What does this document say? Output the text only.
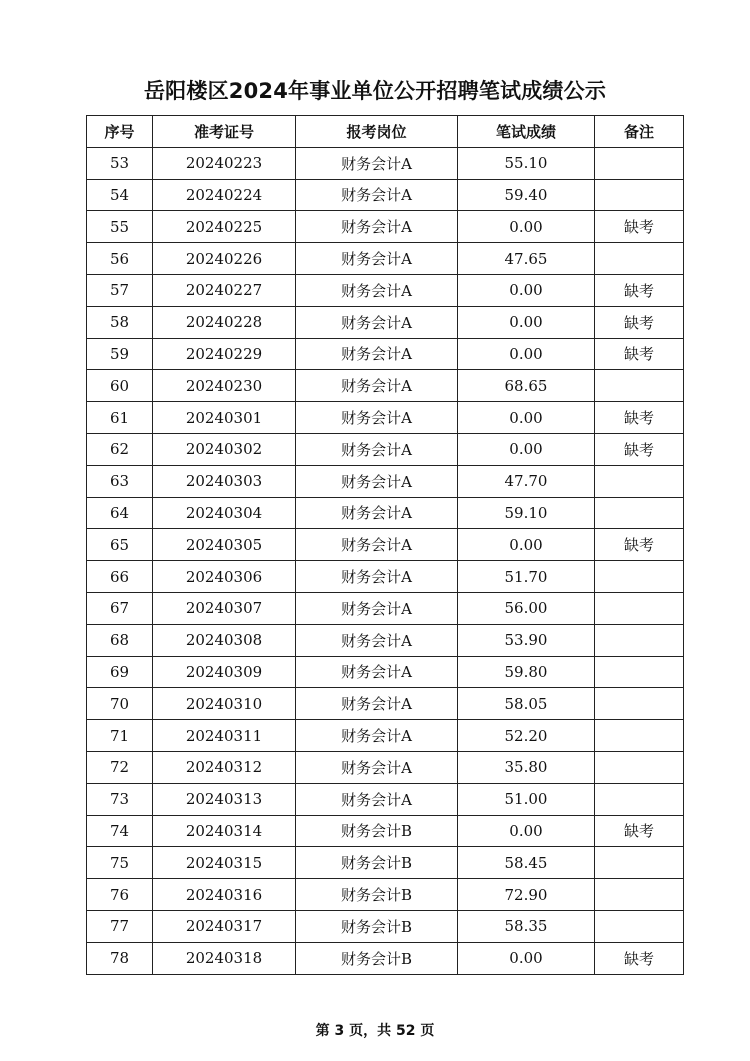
岳阳楼区2024年事业单位公开招聘笔试成绩公示
序号	准考证号	报考岗位	笔试成绩	备注
53	20240223	财务会计A	55.10	
54	20240224	财务会计A	59.40	
55	20240225	财务会计A	0.00	缺考
56	20240226	财务会计A	47.65	
57	20240227	财务会计A	0.00	缺考
58	20240228	财务会计A	0.00	缺考
59	20240229	财务会计A	0.00	缺考
60	20240230	财务会计A	68.65	
61	20240301	财务会计A	0.00	缺考
62	20240302	财务会计A	0.00	缺考
63	20240303	财务会计A	47.70	
64	20240304	财务会计A	59.10	
65	20240305	财务会计A	0.00	缺考
66	20240306	财务会计A	51.70	
67	20240307	财务会计A	56.00	
68	20240308	财务会计A	53.90	
69	20240309	财务会计A	59.80	
70	20240310	财务会计A	58.05	
71	20240311	财务会计A	52.20	
72	20240312	财务会计A	35.80	
73	20240313	财务会计A	51.00	
74	20240314	财务会计B	0.00	缺考
75	20240315	财务会计B	58.45	
76	20240316	财务会计B	72.90	
77	20240317	财务会计B	58.35	
78	20240318	财务会计B	0.00	缺考
第 3 页，共 52 页
